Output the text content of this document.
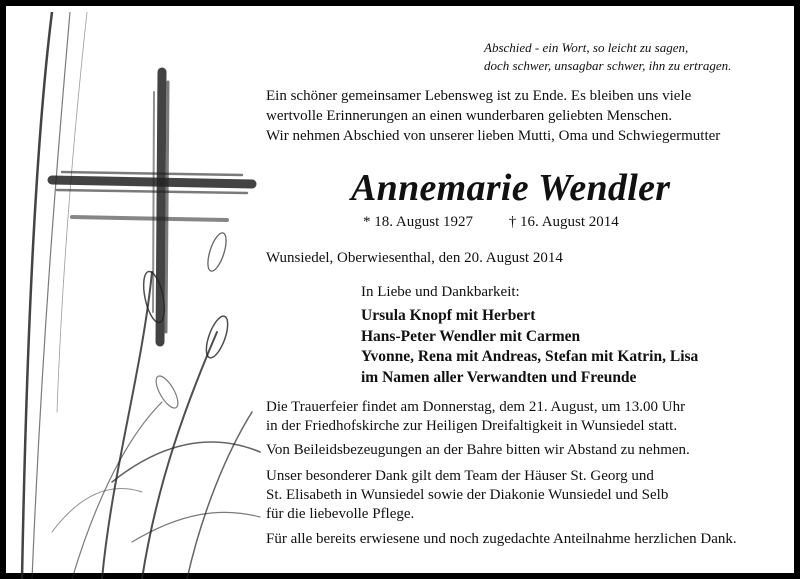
Abschied - ein Wort, so leicht zu sagen,
doch schwer, unsagbar schwer, ihn zu ertragen.

Ein schöner gemeinsamer Lebensweg ist zu Ende. Es bleiben uns viele
wertvolle Erinnerungen an einen wunderbaren geliebten Menschen.
Wir nehmen Abschied von unserer lieben Mutti, Oma und Schwiegermutter

Annemarie Wendler

* 18. August 1927 † 16. August 2014

Wunsiedel, Oberwiesenthal, den 20. August 2014

In Liebe und Dankbarkeit:

Ursula Knopf mit Herbert
Hans-Peter Wendler mit Carmen
Yvonne, Rena mit Andreas, Stefan mit Katrin, Lisa
im Namen aller Verwandten und Freunde

Die Trauerfeier findet am Donnerstag, dem 21. August, um 13.00 Uhr
in der Friedhofskirche zur Heiligen Dreifaltigkeit in Wunsiedel statt.

Von Beileidsbezeugungen an der Bahre bitten wir Abstand zu nehmen.

Unser besonderer Dank gilt dem Team der Häuser St. Georg und
St. Elisabeth in Wunsiedel sowie der Diakonie Wunsiedel und Selb
für die liebevolle Pflege.

Für alle bereits erwiesene und noch zugedachte Anteilnahme herzlichen Dank.
